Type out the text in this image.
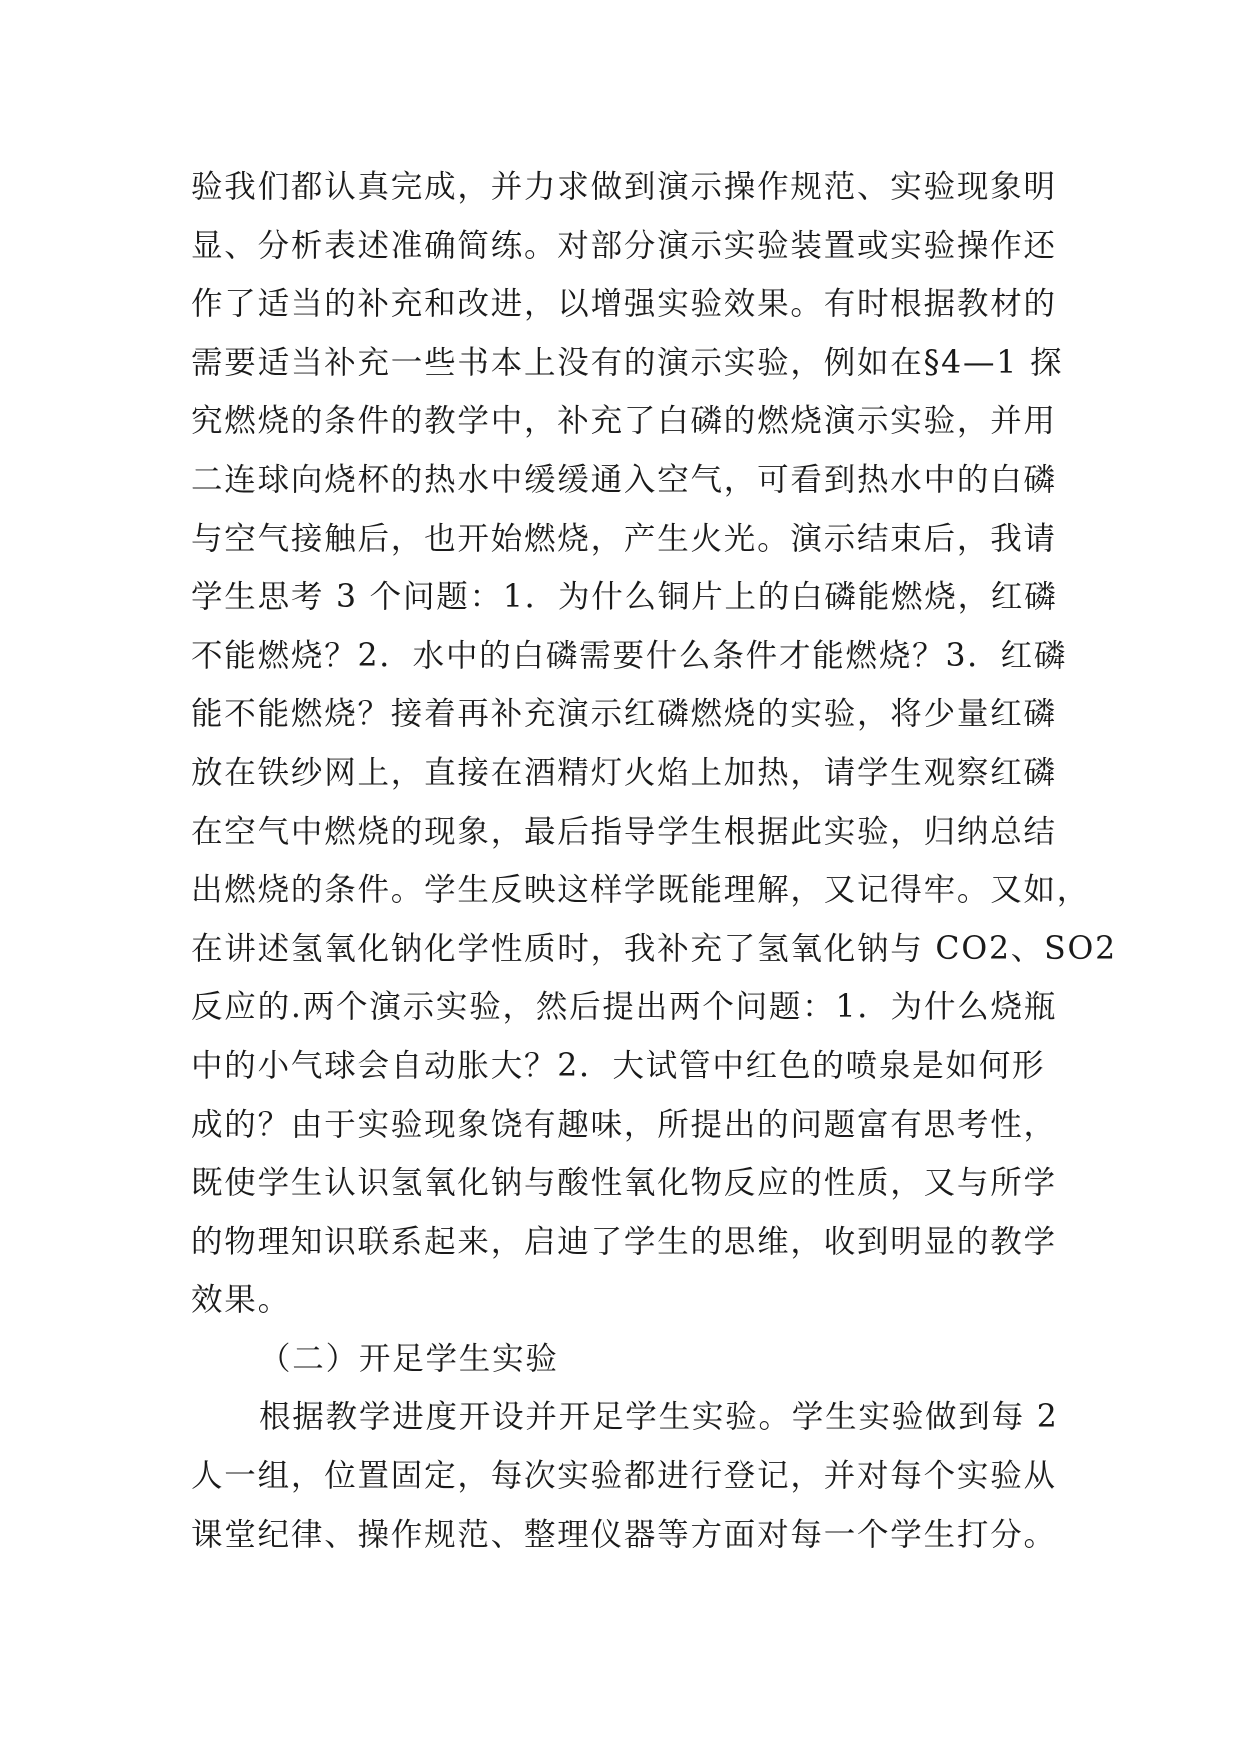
验我们都认真完成，并力求做到演示操作规范、实验现象明
显、分析表述准确简练。对部分演示实验装置或实验操作还
作了适当的补充和改进，以增强实验效果。有时根据教材的
需要适当补充一些书本上没有的演示实验，例如在§4—1 探
究燃烧的条件的教学中，补充了白磷的燃烧演示实验，并用
二连球向烧杯的热水中缓缓通入空气，可看到热水中的白磷
与空气接触后，也开始燃烧，产生火光。演示结束后，我请
学生思考 3 个问题：1．为什么铜片上的白磷能燃烧，红磷
不能燃烧？2．水中的白磷需要什么条件才能燃烧？3．红磷
能不能燃烧？接着再补充演示红磷燃烧的实验，将少量红磷
放在铁纱网上，直接在酒精灯火焰上加热，请学生观察红磷
在空气中燃烧的现象，最后指导学生根据此实验，归纳总结
出燃烧的条件。学生反映这样学既能理解，又记得牢。又如，
在讲述氢氧化钠化学性质时，我补充了氢氧化钠与 CO2、SO2
反应的.两个演示实验，然后提出两个问题：1．为什么烧瓶
中的小气球会自动胀大？2．大试管中红色的喷泉是如何形
成的？由于实验现象饶有趣味，所提出的问题富有思考性，
既使学生认识氢氧化钠与酸性氧化物反应的性质，又与所学
的物理知识联系起来，启迪了学生的思维，收到明显的教学
效果。
（二）开足学生实验
根据教学进度开设并开足学生实验。学生实验做到每 2
人一组，位置固定，每次实验都进行登记，并对每个实验从
课堂纪律、操作规范、整理仪器等方面对每一个学生打分。
